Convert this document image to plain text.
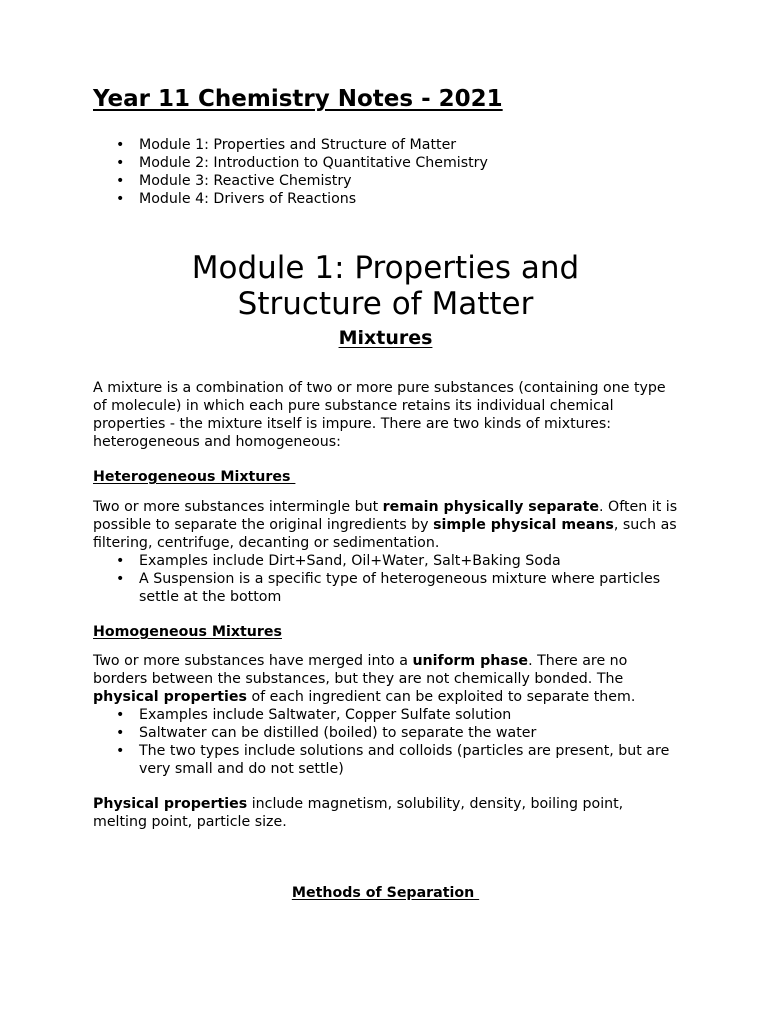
Year 11 Chemistry Notes - 2021
• Module 1: Properties and Structure of Matter
• Module 2: Introduction to Quantitative Chemistry
• Module 3: Reactive Chemistry
• Module 4: Drivers of Reactions
Module 1: Properties and
Structure of Matter
Mixtures

A mixture is a combination of two or more pure substances (containing one type of molecule) in which each pure substance retains its individual chemical properties - the mixture itself is impure. There are two kinds of mixtures: heterogeneous and homogeneous:

Heterogeneous Mixtures

Two or more substances intermingle but remain physically separate. Often it is possible to separate the original ingredients by simple physical means, such as filtering, centrifuge, decanting or sedimentation.

• Examples include Dirt+Sand, Oil+Water, Salt+Baking Soda
• A Suspension is a specific type of heterogeneous mixture where particles settle at the bottom
Homogeneous Mixtures

Two or more substances have merged into a uniform phase. There are no borders between the substances, but they are not chemically bonded. The physical properties of each ingredient can be exploited to separate them.

• Examples include Saltwater, Copper Sulfate solution
• Saltwater can be distilled (boiled) to separate the water
• The two types include solutions and colloids (particles are present, but are very small and do not settle)

Physical properties include magnetism, solubility, density, boiling point, melting point, particle size.

Methods of Separation
